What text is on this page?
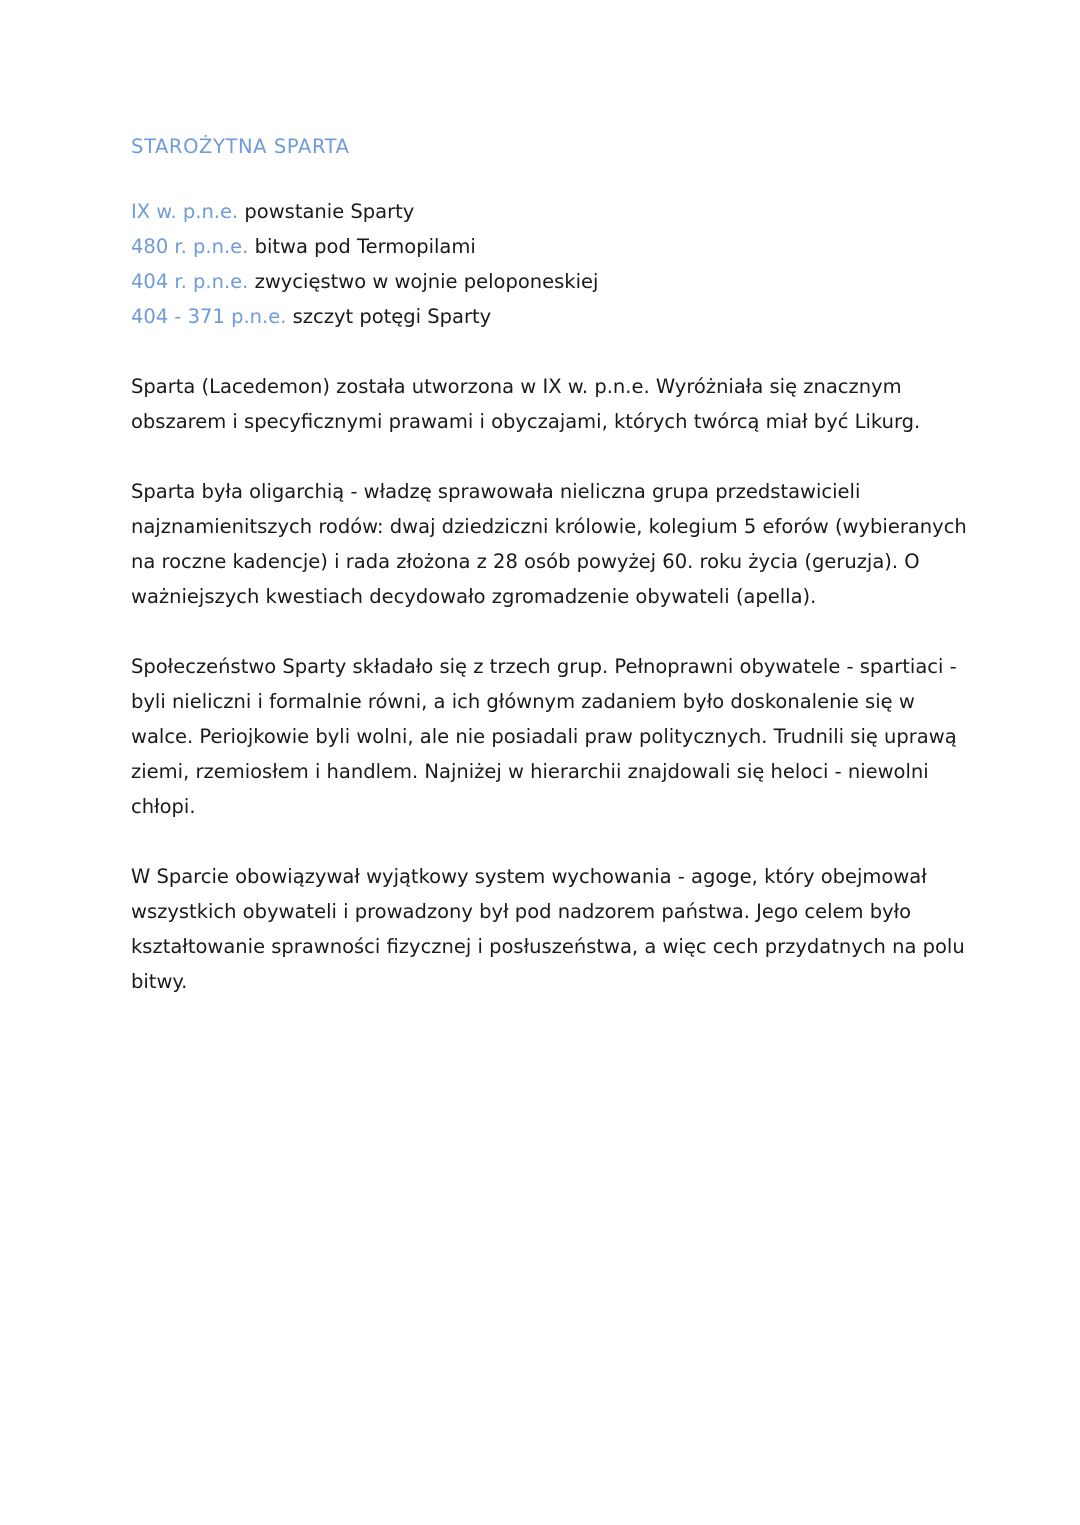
STAROŻYTNA SPARTA
IX w. p.n.e. powstanie Sparty
480 r. p.n.e. bitwa pod Termopilami
404 r. p.n.e. zwycięstwo w wojnie peloponeskiej
404 - 371 p.n.e. szczyt potęgi Sparty

Sparta (Lacedemon) została utworzona w IX w. p.n.e. Wyróżniała się znacznym obszarem i specyficznymi prawami i obyczajami, których twórcą miał być Likurg.

Sparta była oligarchią - władzę sprawowała nieliczna grupa przedstawicieli najznamienitszych rodów: dwaj dziedziczni królowie, kolegium 5 eforów (wybieranych na roczne kadencje) i rada złożona z 28 osób powyżej 60. roku życia (geruzja). O ważniejszych kwestiach decydowało zgromadzenie obywateli (apella).

Społeczeństwo Sparty składało się z trzech grup. Pełnoprawni obywatele - spartiaci - byli nieliczni i formalnie równi, a ich głównym zadaniem było doskonalenie się w walce. Periojkowie byli wolni, ale nie posiadali praw politycznych. Trudnili się uprawą ziemi, rzemiosłem i handlem. Najniżej w hierarchii znajdowali się heloci - niewolni chłopi.

W Sparcie obowiązywał wyjątkowy system wychowania - agoge, który obejmował wszystkich obywateli i prowadzony był pod nadzorem państwa. Jego celem było kształtowanie sprawności fizycznej i posłuszeństwa, a więc cech przydatnych na polu bitwy.
